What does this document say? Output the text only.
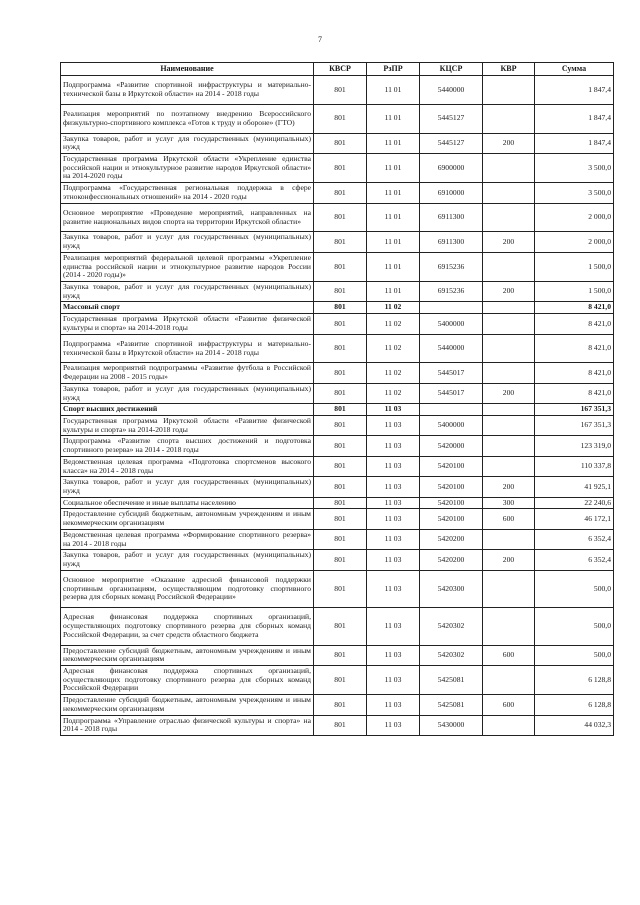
7
Наименование	КВСР	РзПР	КЦСР	КВР	Сумма
Подпрограмма «Развитие спортивной инфраструктуры и материально- технической базы в Иркутской области» на 2014 - 2018 годы	801	11 01	5440000		1 847,4
Реализация мероприятий по поэтапному внедрению Всероссийского физкультурно-спортивного комплекса «Готов к труду и обороне» (ГТО)	801	11 01	5445127		1 847,4
Закупка товаров, работ и услуг для государственных (муниципальных) нужд	801	11 01	5445127	200	1 847,4
Государственная программа Иркутской области «Укрепление единства российской нации и этнокультурное развитие народов Иркутской области» на 2014-2020 годы	801	11 01	6900000		3 500,0
Подпрограмма «Государственная региональная поддержка в сфере этноконфессиональных отношений» на 2014 - 2020 годы	801	11 01	6910000		3 500,0
Основное мероприятие «Проведение мероприятий, направленных на развитие национальных видов спорта на территории Иркутской области»	801	11 01	6911300		2 000,0
Закупка товаров, работ и услуг для государственных (муниципальных) нужд	801	11 01	6911300	200	2 000,0
Реализация мероприятий федеральной целевой программы «Укрепление единства российской нации и этнокультурное развитие народов России (2014 - 2020 годы)»	801	11 01	6915236		1 500,0
Закупка товаров, работ и услуг для государственных (муниципальных) нужд	801	11 01	6915236	200	1 500,0
Массовый спорт	801	11 02			8 421,0
Государственная программа Иркутской области «Развитие физической культуры и спорта» на 2014-2018 годы	801	11 02	5400000		8 421,0
Подпрограмма «Развитие спортивной инфраструктуры и материально- технической базы в Иркутской области» на 2014 - 2018 годы	801	11 02	5440000		8 421,0
Реализация мероприятий подпрограммы «Развитие футбола в Российской Федерации на 2008 - 2015 годы»	801	11 02	5445017		8 421,0
Закупка товаров, работ и услуг для государственных (муниципальных) нужд	801	11 02	5445017	200	8 421,0
Спорт высших достижений	801	11 03			167 351,3
Государственная программа Иркутской области «Развитие физической культуры и спорта» на 2014-2018 годы	801	11 03	5400000		167 351,3
Подпрограмма «Развитие спорта высших достижений и подготовка спортивного резерва» на 2014 - 2018 годы	801	11 03	5420000		123 319,0
Ведомственная целевая программа «Подготовка спортсменов высокого класса» на 2014 - 2018 годы	801	11 03	5420100		110 337,8
Закупка товаров, работ и услуг для государственных (муниципальных) нужд	801	11 03	5420100	200	41 925,1
Социальное обеспечение и иные выплаты населению	801	11 03	5420100	300	22 240,6
Предоставление субсидий бюджетным, автономным учреждениям и иным некоммерческим организациям	801	11 03	5420100	600	46 172,1
Ведомственная целевая программа «Формирование спортивного резерва» на 2014 - 2018 годы	801	11 03	5420200		6 352,4
Закупка товаров, работ и услуг для государственных (муниципальных) нужд	801	11 03	5420200	200	6 352,4
Основное мероприятие «Оказание адресной финансовой поддержки спортивным организациям, осуществляющим подготовку спортивного резерва для сборных команд Российской Федерации»	801	11 03	5420300		500,0
Адресная финансовая поддержка спортивных организаций, осуществляющих подготовку спортивного резерва для сборных команд Российской Федерации, за счет средств областного бюджета	801	11 03	5420302		500,0
Предоставление субсидий бюджетным, автономным учреждениям и иным некоммерческим организациям	801	11 03	5420302	600	500,0
Адресная финансовая поддержка спортивных организаций, осуществляющих подготовку спортивного резерва для сборных команд Российской Федерации	801	11 03	5425081		6 128,8
Предоставление субсидий бюджетным, автономным учреждениям и иным некоммерческим организациям	801	11 03	5425081	600	6 128,8
Подпрограмма «Управление отраслью физической культуры и спорта» на 2014 - 2018 годы	801	11 03	5430000		44 032,3
